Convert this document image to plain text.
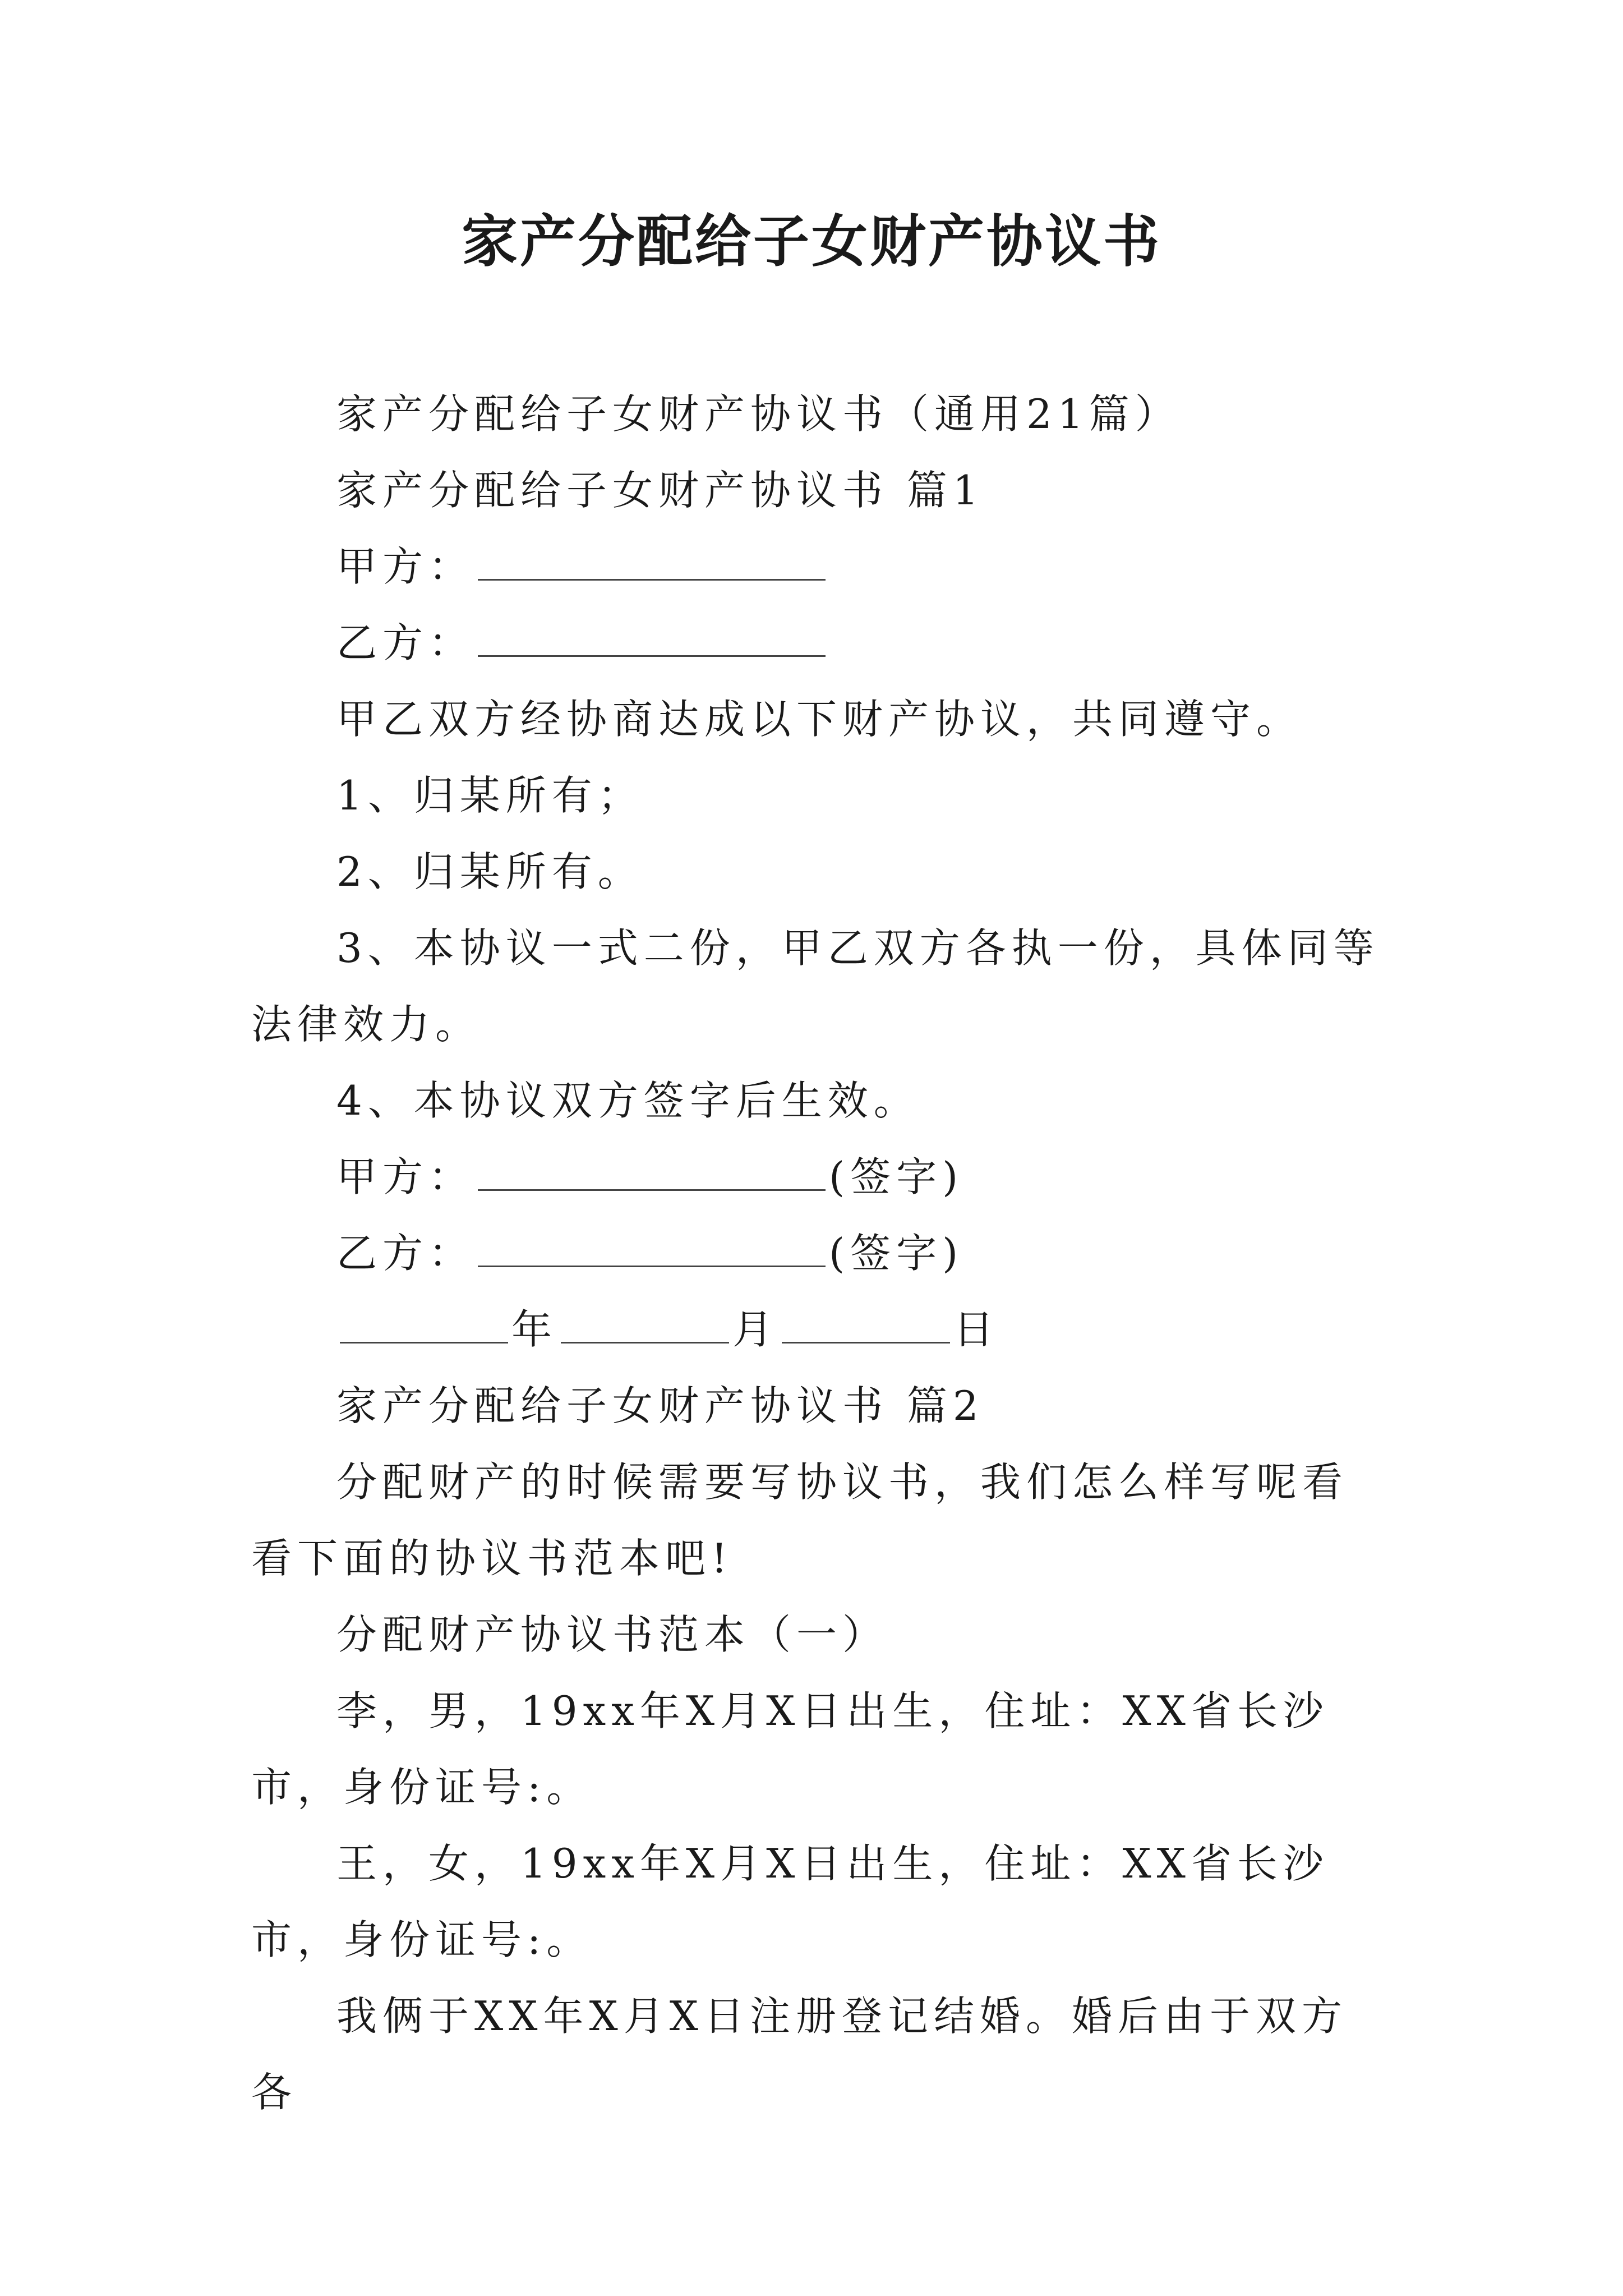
家产分配给子女财产协议书

家产分配给子女财产协议书（通用21篇）

家产分配给子女财产协议书 篇1

甲方：
乙方：

甲乙双方经协商达成以下财产协议，共同遵守。

1、归某所有；

2、归某所有。

3、本协议一式二份，甲乙双方各执一份，具体同等法律效力。

4、本协议双方签字后生效。

甲方：	(签字)
乙方：	(签字)
年	月	日

家产分配给子女财产协议书 篇2

分配财产的时候需要写协议书，我们怎么样写呢看看下面的协议书范本吧!

分配财产协议书范本（一）

李，男，19xx年X月X日出生，住址：XX省长沙市，身份证号:。

王，女，19xx年X月X日出生，住址：XX省长沙市，身份证号:。

我俩于XX年X月X日注册登记结婚。婚后由于双方各
